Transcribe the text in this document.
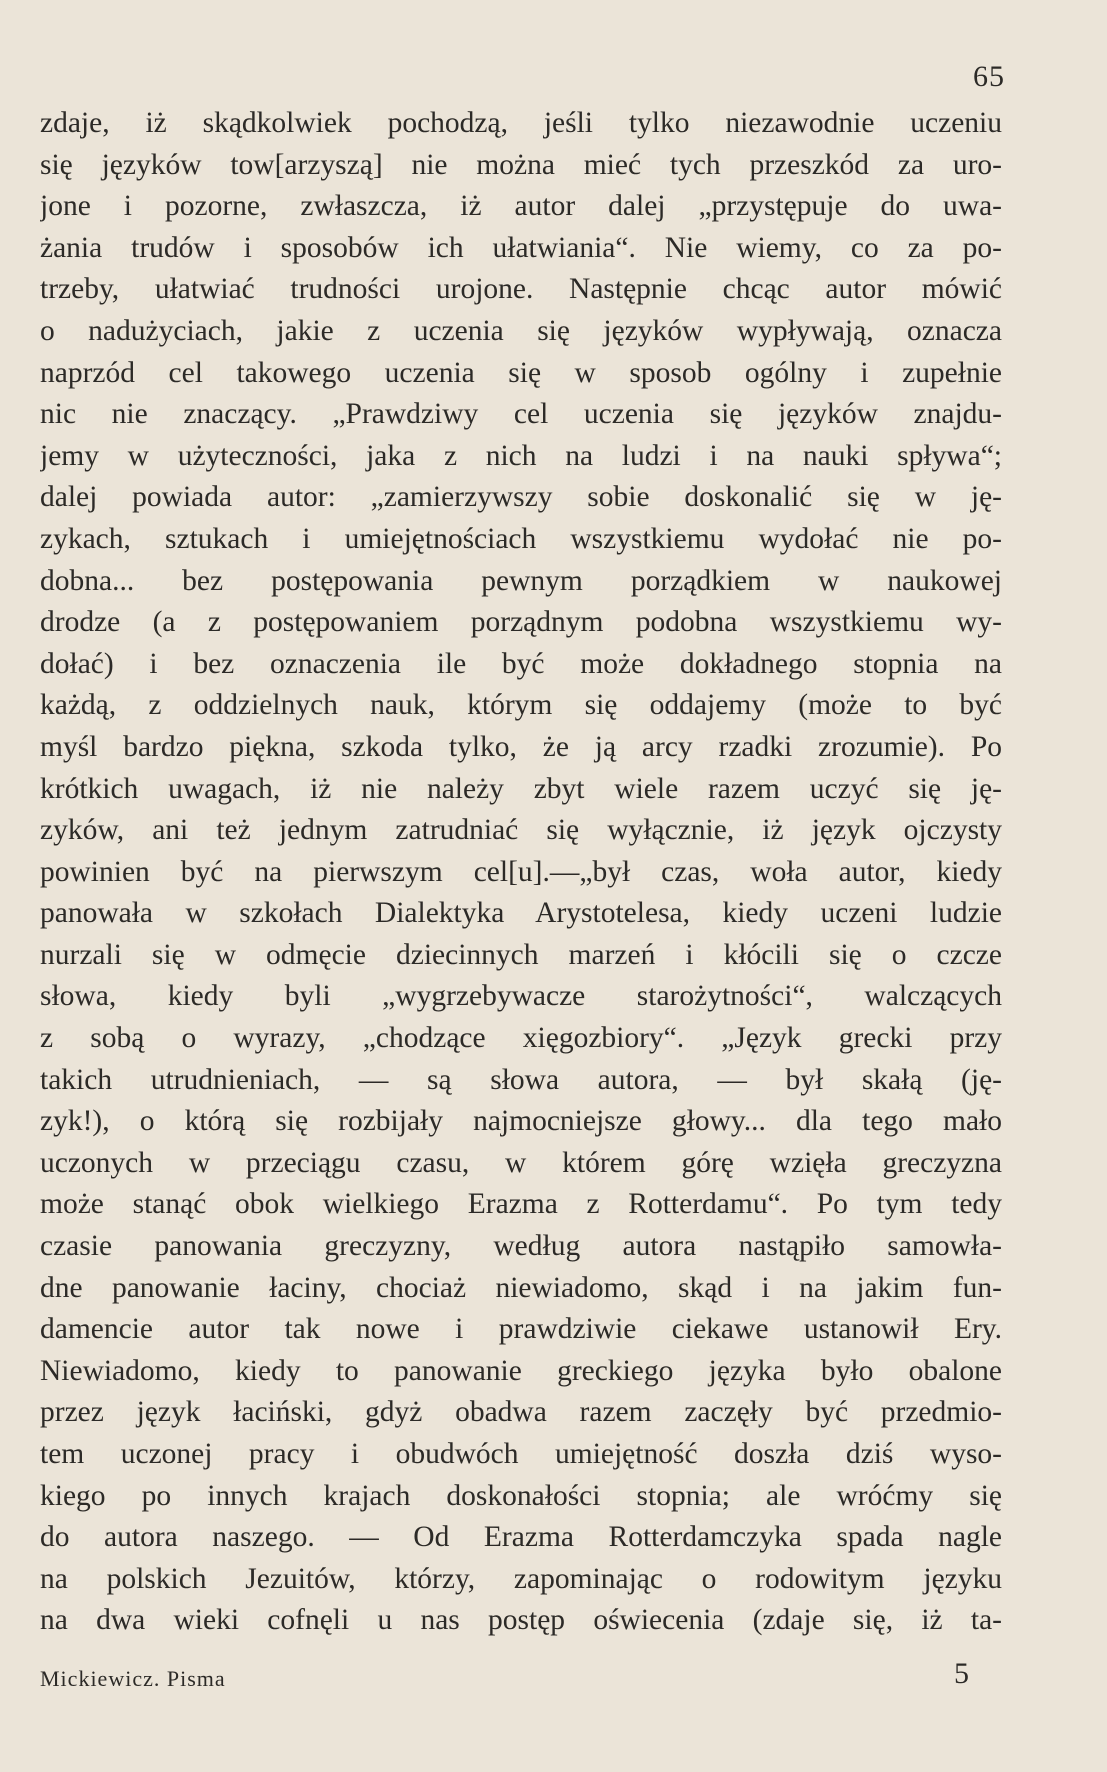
65
zdaje, iż skądkolwiek pochodzą, jeśli tylko niezawodnie uczeniu
się języków tow[arzyszą] nie można mieć tych przeszkód za uro-
jone i pozorne, zwłaszcza, iż autor dalej „przystępuje do uwa-
żania trudów i sposobów ich ułatwiania“. Nie wiemy, co za po-
trzeby, ułatwiać trudności urojone. Następnie chcąc autor mówić
o nadużyciach, jakie z uczenia się języków wypływają, oznacza
naprzód cel takowego uczenia się w sposob ogólny i zupełnie
nic nie znaczący. „Prawdziwy cel uczenia się języków znajdu-
jemy w użyteczności, jaka z nich na ludzi i na nauki spływa“;
dalej powiada autor: „zamierzywszy sobie doskonalić się w ję-
zykach, sztukach i umiejętnościach wszystkiemu wydołać nie po-
dobna... bez postępowania pewnym porządkiem w naukowej
drodze (a z postępowaniem porządnym podobna wszystkiemu wy-
dołać) i bez oznaczenia ile być może dokładnego stopnia na
każdą, z oddzielnych nauk, którym się oddajemy (może to być
myśl bardzo piękna, szkoda tylko, że ją arcy rzadki zrozumie). Po
krótkich uwagach, iż nie należy zbyt wiele razem uczyć się ję-
zyków, ani też jednym zatrudniać się wyłącznie, iż język ojczysty
powinien być na pierwszym cel[u].—„był czas, woła autor, kiedy
panowała w szkołach Dialektyka Arystotelesa, kiedy uczeni ludzie
nurzali się w odmęcie dziecinnych marzeń i kłócili się o czcze
słowa, kiedy byli „wygrzebywacze starożytności“, walczących
z sobą o wyrazy, „chodzące xięgozbiory“. „Język grecki przy
takich utrudnieniach, — są słowa autora, — był skałą (ję-
zyk!), o którą się rozbijały najmocniejsze głowy... dla tego mało
uczonych w przeciągu czasu, w którem górę wzięła greczyzna
może stanąć obok wielkiego Erazma z Rotterdamu“. Po tym tedy
czasie panowania greczyzny, według autora nastąpiło samowła-
dne panowanie łaciny, chociaż niewiadomo, skąd i na jakim fun-
damencie autor tak nowe i prawdziwie ciekawe ustanowił Ery.
Niewiadomo, kiedy to panowanie greckiego języka było obalone
przez język łaciński, gdyż obadwa razem zaczęły być przedmio-
tem uczonej pracy i obudwóch umiejętność doszła dziś wyso-
kiego po innych krajach doskonałości stopnia; ale wróćmy się
do autora naszego. — Od Erazma Rotterdamczyka spada nagle
na polskich Jezuitów, którzy, zapominając o rodowitym języku
na dwa wieki cofnęli u nas postęp oświecenia (zdaje się, iż ta-
Mickiewicz. Pisma	5
